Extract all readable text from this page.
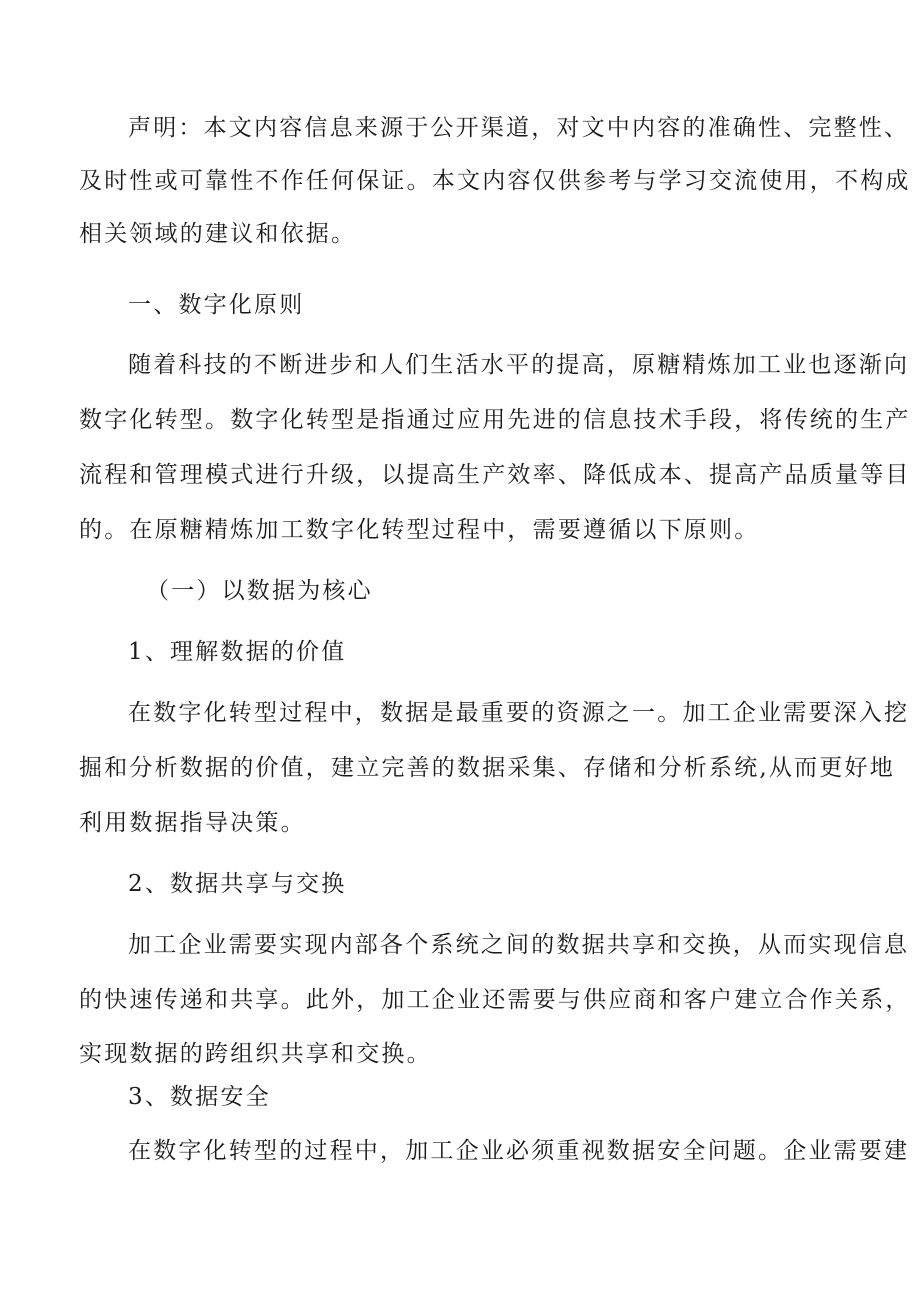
声明：本文内容信息来源于公开渠道，对文中内容的准确性、完整性、
及时性或可靠性不作任何保证。本文内容仅供参考与学习交流使用，不构成
相关领域的建议和依据。
一、数字化原则
随着科技的不断进步和人们生活水平的提高，原糖精炼加工业也逐渐向
数字化转型。数字化转型是指通过应用先进的信息技术手段，将传统的生产
流程和管理模式进行升级，以提高生产效率、降低成本、提高产品质量等目
的。在原糖精炼加工数字化转型过程中，需要遵循以下原则。
（一）以数据为核心
1、理解数据的价值
在数字化转型过程中，数据是最重要的资源之一。加工企业需要深入挖
掘和分析数据的价值，建立完善的数据采集、存储和分析系统,从而更好地
利用数据指导决策。
2、数据共享与交换
加工企业需要实现内部各个系统之间的数据共享和交换，从而实现信息
的快速传递和共享。此外，加工企业还需要与供应商和客户建立合作关系，
实现数据的跨组织共享和交换。
3、数据安全
在数字化转型的过程中，加工企业必须重视数据安全问题。企业需要建
